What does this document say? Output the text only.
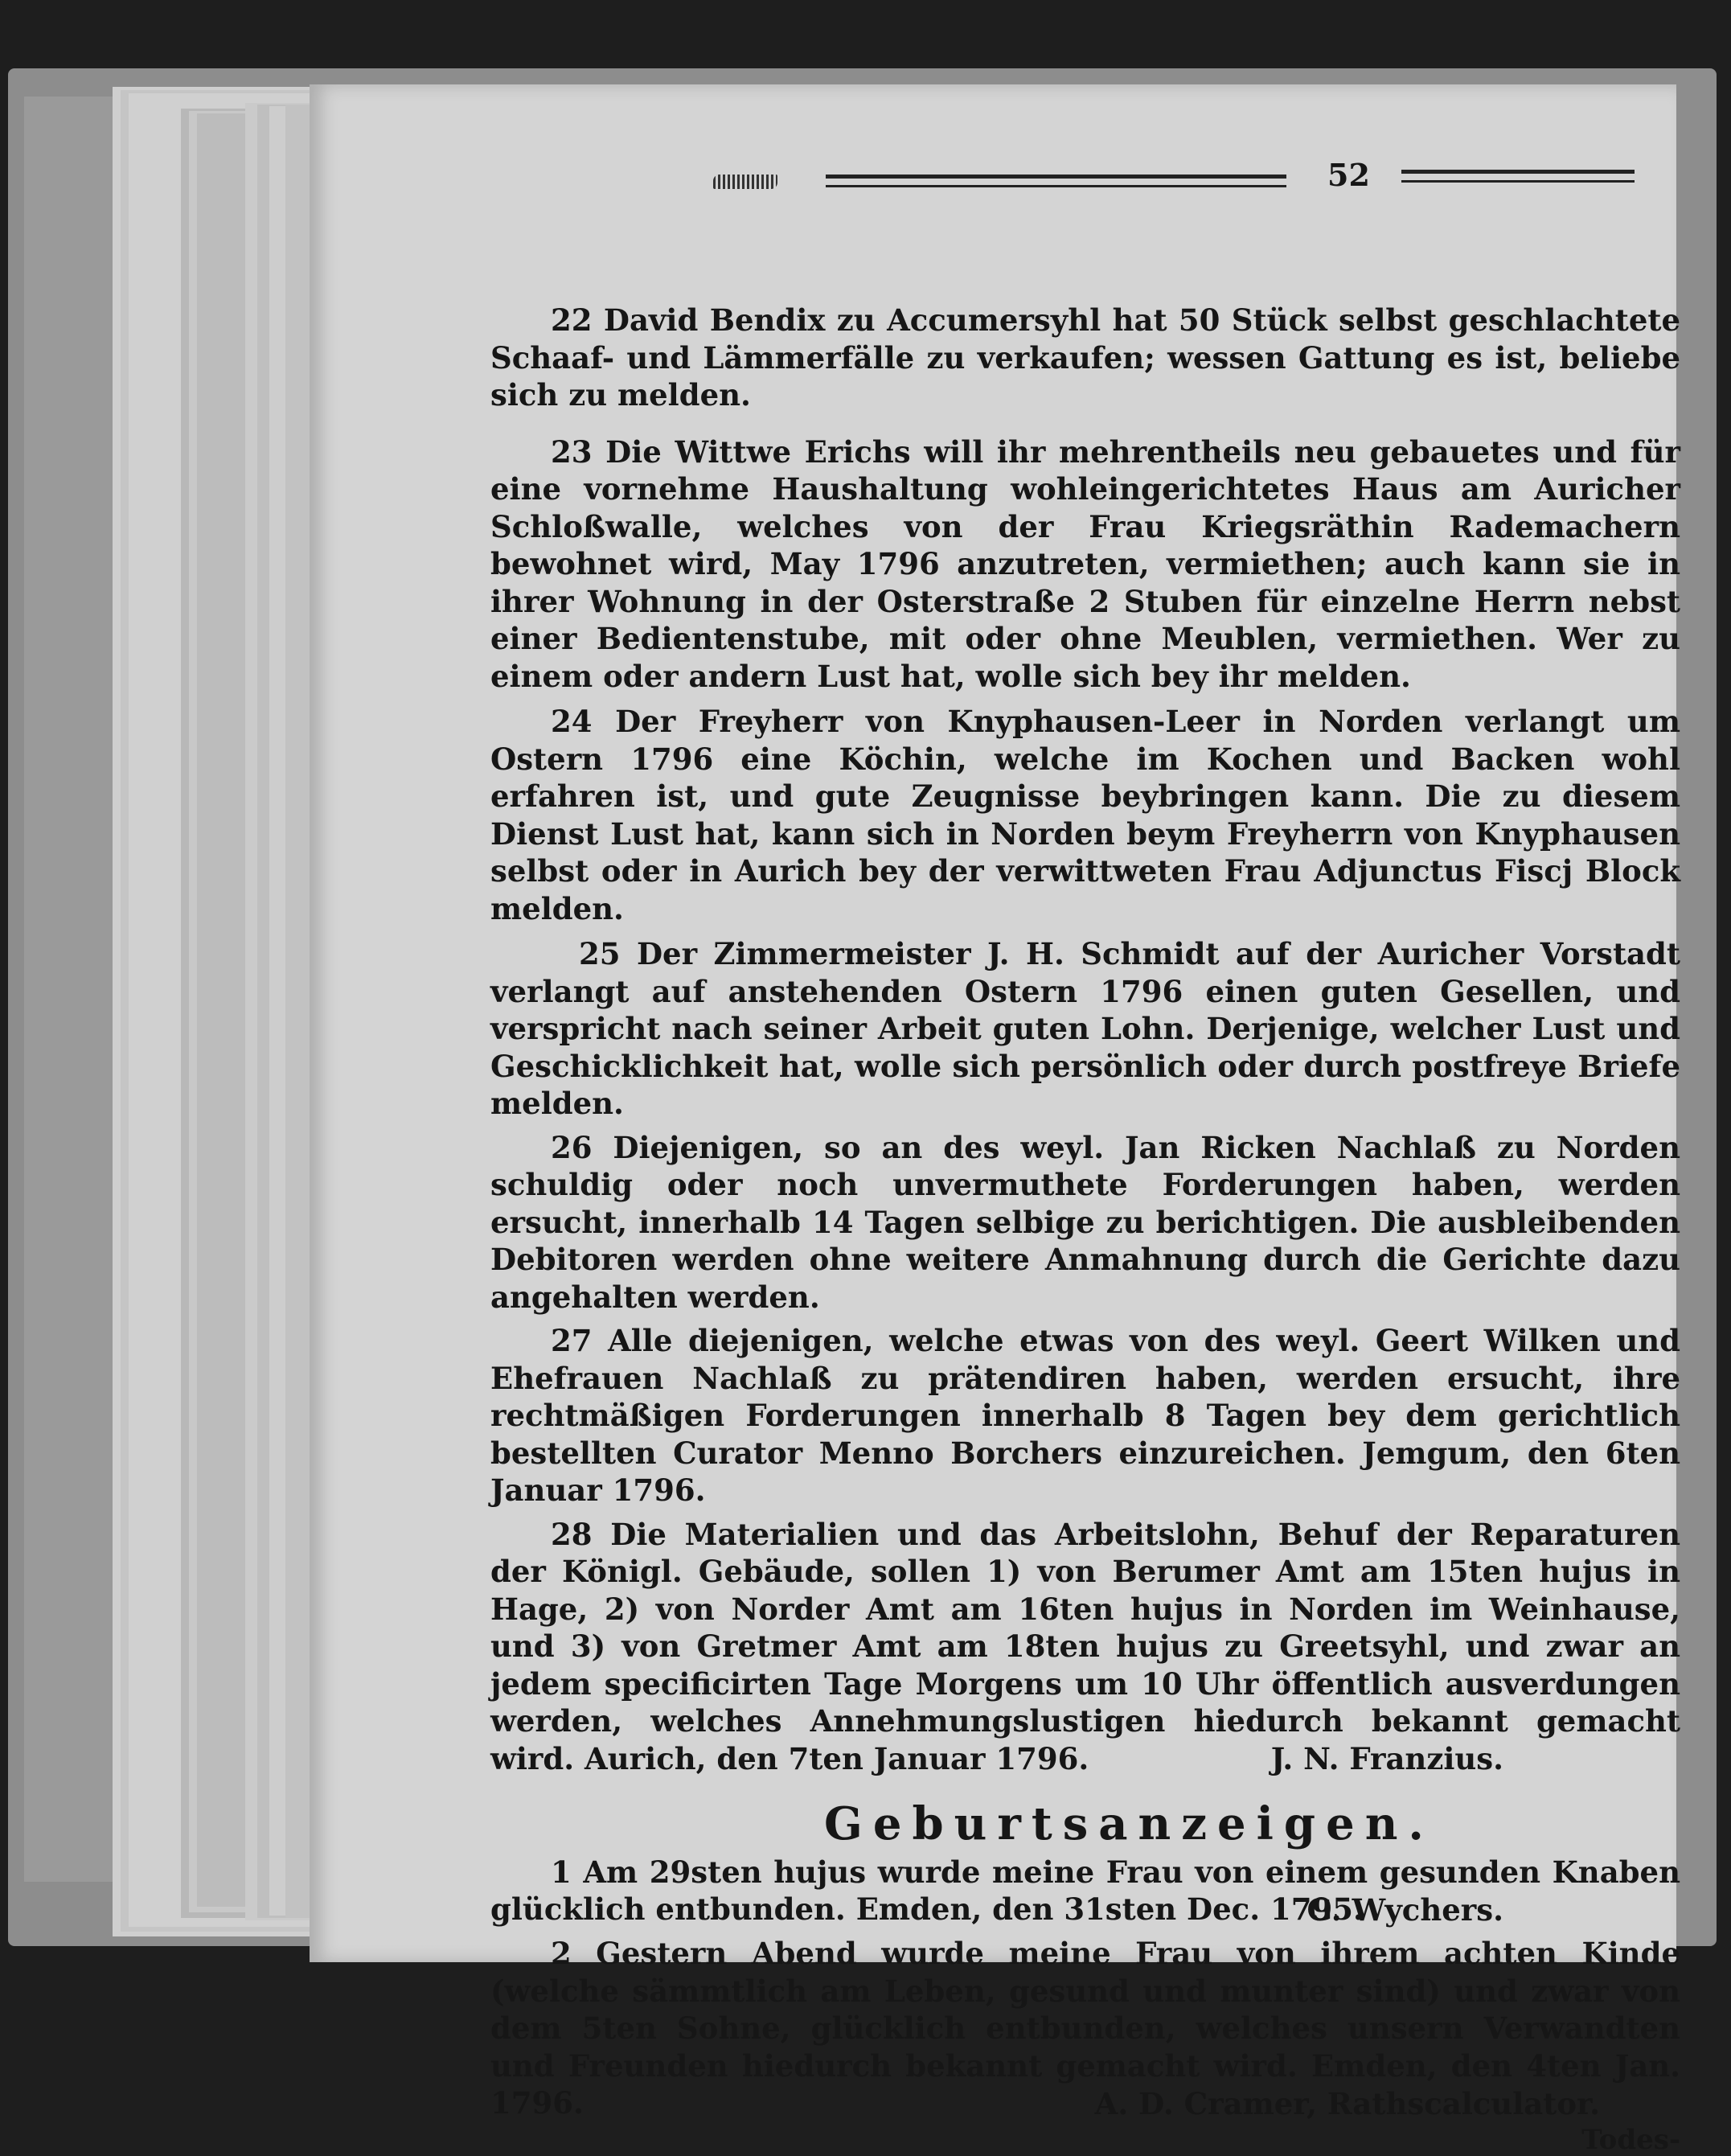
52
22 David Bendix zu Accumersyhl hat 50 Stück selbst geschlachtete Schaaf- und Lämmerfälle zu verkaufen; wessen Gattung es ist, beliebe sich zu melden.
23 Die Wittwe Erichs will ihr mehrentheils neu gebauetes und für eine vornehme Haushaltung wohleingerichtetes Haus am Auricher Schloßwalle, welches von der Frau Kriegsräthin Rademachern bewohnet wird, May 1796 anzutreten, vermiethen; auch kann sie in ihrer Wohnung in der Osterstraße 2 Stuben für einzelne Herrn nebst einer Bedientenstube, mit oder ohne Meublen, vermiethen. Wer zu einem oder andern Lust hat, wolle sich bey ihr melden.
24 Der Freyherr von Knyphausen-Leer in Norden verlangt um Ostern 1796 eine Köchin, welche im Kochen und Backen wohl erfahren ist, und gute Zeugnisse beybringen kann. Die zu diesem Dienst Lust hat, kann sich in Norden beym Freyherrn von Knyphausen selbst oder in Aurich bey der verwittweten Frau Adjunctus Fiscj Block melden.
25 Der Zimmermeister J. H. Schmidt auf der Auricher Vorstadt verlangt auf anstehenden Ostern 1796 einen guten Gesellen, und verspricht nach seiner Arbeit guten Lohn. Derjenige, welcher Lust und Geschicklichkeit hat, wolle sich persönlich oder durch postfreye Briefe melden.
26 Diejenigen, so an des weyl. Jan Ricken Nachlaß zu Norden schuldig oder noch unvermuthete Forderungen haben, werden ersucht, innerhalb 14 Tagen selbige zu berichtigen. Die ausbleibenden Debitoren werden ohne weitere Anmahnung durch die Gerichte dazu angehalten werden.
27 Alle diejenigen, welche etwas von des weyl. Geert Wilken und Ehefrauen Nachlaß zu prätendiren haben, werden ersucht, ihre rechtmäßigen Forderungen innerhalb 8 Tagen bey dem gerichtlich bestellten Curator Menno Borchers einzureichen. Jemgum, den 6ten Januar 1796.
28 Die Materialien und das Arbeitslohn, Behuf der Reparaturen der Königl. Gebäude, sollen 1) von Berumer Amt am 15ten hujus in Hage, 2) von Norder Amt am 16ten hujus in Norden im Weinhause, und 3) von Gretmer Amt am 18ten hujus zu Greetsyhl, und zwar an jedem specificirten Tage Morgens um 10 Uhr öffentlich ausverdungen werden, welches Annehmungslustigen hiedurch bekannt gemacht wird. Aurich, den 7ten Januar 1796.	J. N. Franzius.
Geburtsanzeigen.
1 Am 29sten hujus wurde meine Frau von einem gesunden Knaben glücklich entbunden. Emden, den 31sten Dec. 1795.
G. Wychers.
2 Gestern Abend wurde meine Frau von ihrem achten Kinde (welche sämmtlich am Leben, gesund und munter sind) und zwar von dem 5ten Sohne, glücklich entbunden, welches unsern Verwandten und Freunden hiedurch bekannt gemacht wird. Emden, den 4ten Jan. 1796.	A. D. Cramer, Rathscalculator.
Todes-
